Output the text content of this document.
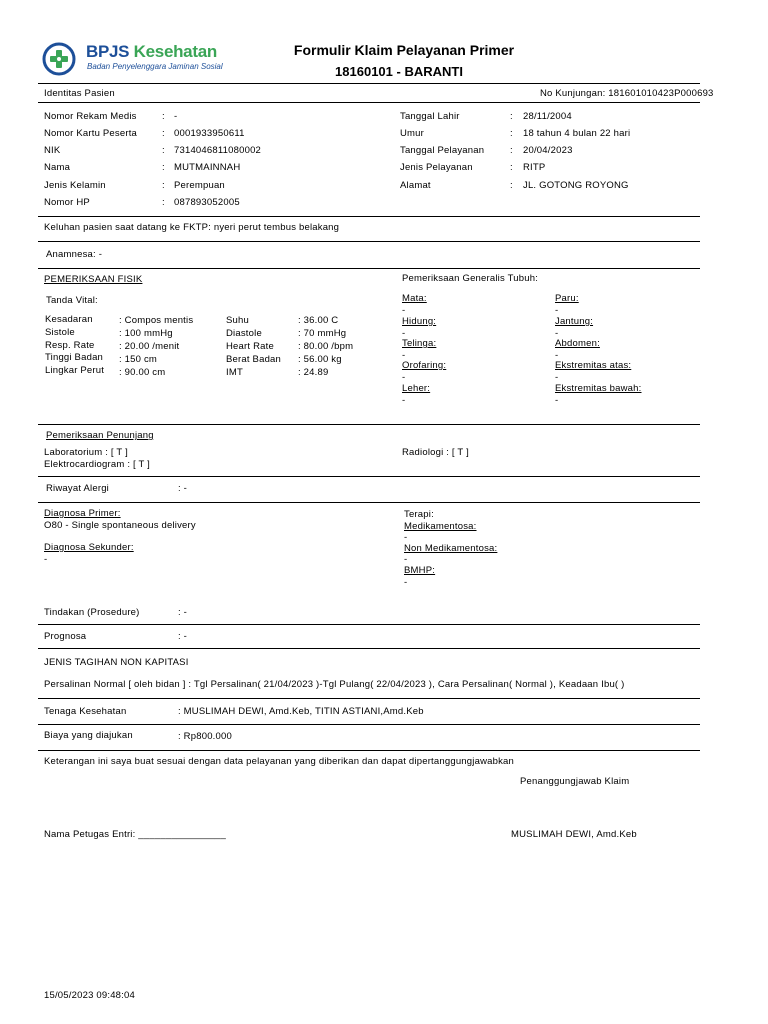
BPJS Kesehatan
Badan Penyelenggara Jaminan Sosial
Formulir Klaim Pelayanan Primer
18160101 - BARANTI
Identitas Pasien	No Kunjungan: 181601010423P000693
Nomor Rekam Medis	: -
Nomor Kartu Peserta	: 0001933950611
NIK	: 7314046811080002
Nama	: MUTMAINNAH
Jenis Kelamin	: Perempuan
Nomor HP	: 087893052005
Tanggal Lahir	: 28/11/2004
Umur	: 18 tahun 4 bulan 22 hari
Tanggal Pelayanan	: 20/04/2023
Jenis Pelayanan	: RITP
Alamat	: JL. GOTONG ROYONG
Keluhan pasien saat datang ke FKTP: nyeri perut tembus belakang
Anamnesa: -
PEMERIKSAAN FISIK
Tanda Vital:
Kesadaran	: Compos mentis
Sistole	: 100 mmHg
Resp. Rate	: 20.00 /menit
Tinggi Badan : 150 cm
Lingkar Perut : 90.00 cm
Suhu	: 36.00 C
Diastole	: 70 mmHg
Heart Rate	: 80.00 /bpm
Berat Badan : 56.00 kg
IMT	: 24.89
Pemeriksaan Generalis Tubuh:
Mata:
-
Hidung:
-
Telinga:
-
Orofaring:
-
Leher:
-
Paru:
-
Jantung:
-
Abdomen:
-
Ekstremitas atas:
-
Ekstremitas bawah:
-
Pemeriksaan Penunjang
Laboratorium : [ T ]
Elektrocardiogram : [ T ]
Radiologi : [ T ]
Riwayat Alergi	: -
Diagnosa Primer:
O80 - Single spontaneous delivery
Diagnosa Sekunder:
-
Terapi:
Medikamentosa:
-
Non Medikamentosa:
-
BMHP:
-
Tindakan (Prosedure)	: -
Prognosa	: -
JENIS TAGIHAN NON KAPITASI
Persalinan Normal [ oleh bidan ] : Tgl Persalinan( 21/04/2023 )-Tgl Pulang( 22/04/2023 ), Cara Persalinan( Normal ), Keadaan Ibu( )
Tenaga Kesehatan	: MUSLIMAH DEWI, Amd.Keb, TITIN ASTIANI,Amd.Keb
Biaya yang diajukan	: Rp800.000
Keterangan ini saya buat sesuai dengan data pelayanan yang diberikan dan dapat dipertanggungjawabkan
Penanggungjawab Klaim
Nama Petugas Entri: ________________	MUSLIMAH DEWI, Amd.Keb
15/05/2023 09:48:04
